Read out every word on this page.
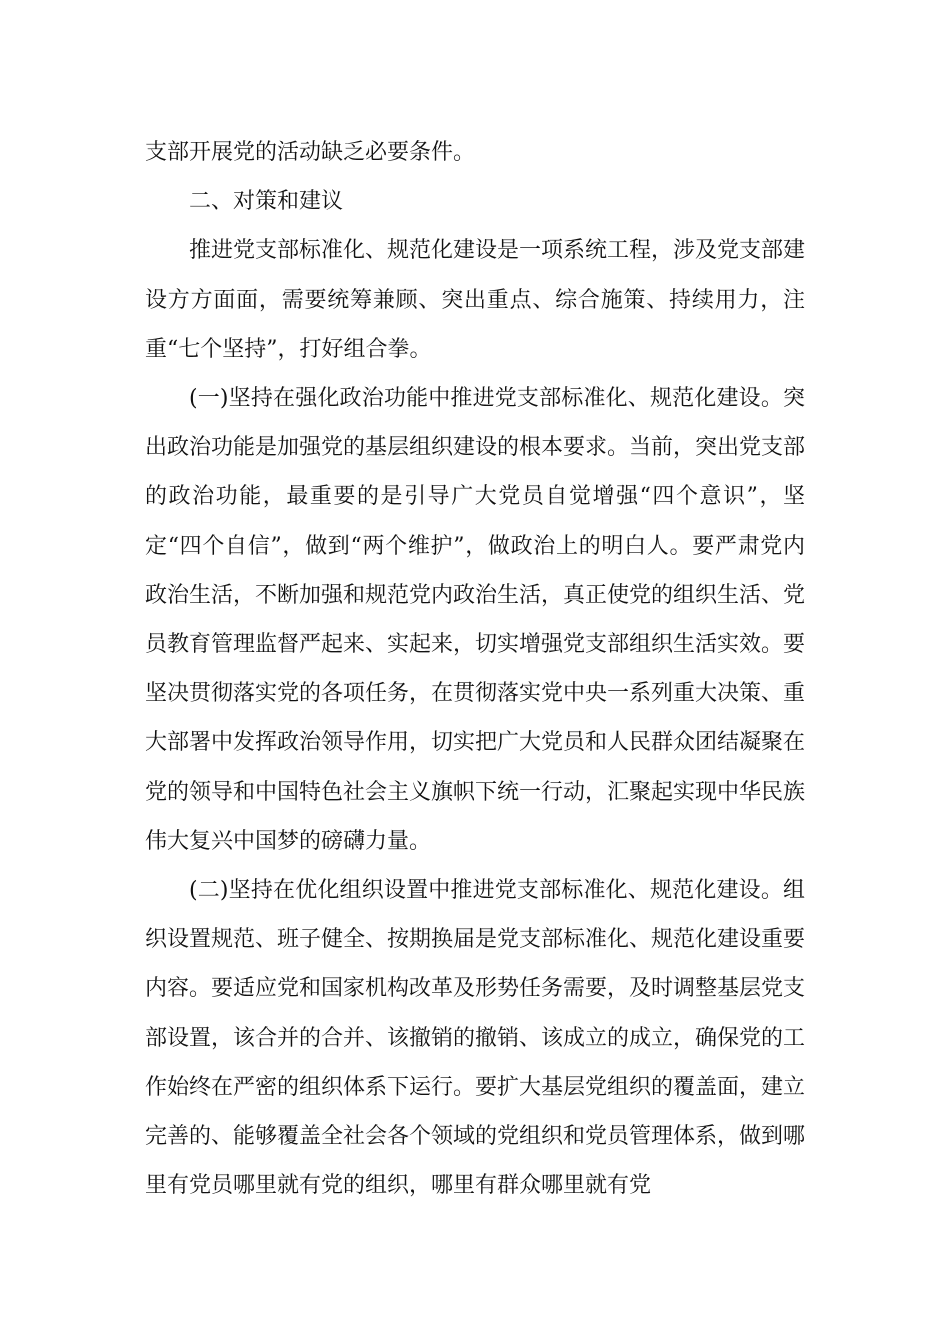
支部开展党的活动缺乏必要条件。

二、对策和建议

推进党支部标准化、规范化建设是一项系统工程，涉及党支部建设方方面面，需要统筹兼顾、突出重点、综合施策、持续用力，注重“七个坚持”，打好组合拳。

(一)坚持在强化政治功能中推进党支部标准化、规范化建设。突出政治功能是加强党的基层组织建设的根本要求。当前，突出党支部的政治功能，最重要的是引导广大党员自觉增强“四个意识”，坚定“四个自信”，做到“两个维护”，做政治上的明白人。要严肃党内政治生活，不断加强和规范党内政治生活，真正使党的组织生活、党员教育管理监督严起来、实起来，切实增强党支部组织生活实效。要坚决贯彻落实党的各项任务，在贯彻落实党中央一系列重大决策、重大部署中发挥政治领导作用，切实把广大党员和人民群众团结凝聚在党的领导和中国特色社会主义旗帜下统一行动，汇聚起实现中华民族伟大复兴中国梦的磅礴力量。

(二)坚持在优化组织设置中推进党支部标准化、规范化建设。组织设置规范、班子健全、按期换届是党支部标准化、规范化建设重要内容。要适应党和国家机构改革及形势任务需要，及时调整基层党支部设置，该合并的合并、该撤销的撤销、该成立的成立，确保党的工作始终在严密的组织体系下运行。要扩大基层党组织的覆盖面，建立完善的、能够覆盖全社会各个领域的党组织和党员管理体系，做到哪里有党员哪里就有党的组织，哪里有群众哪里就有党
